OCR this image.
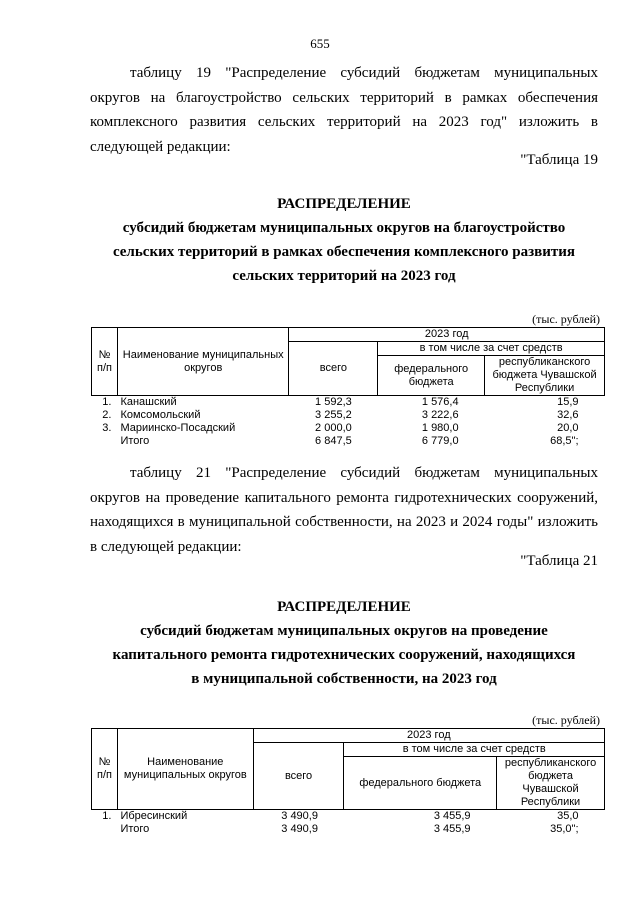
655

таблицу 19 "Распределение субсидий бюджетам муниципальных округов на благоустройство сельских территорий в рамках обеспечения комплексного развития сельских территорий на 2023 год" изложить в следующей редакции:

"Таблица 19
РАСПРЕДЕЛЕНИЕ
субсидий бюджетам муниципальных округов на благоустройство
сельских территорий в рамках обеспечения комплексного развития
сельских территорий на 2023 год
(тыс. рублей)
№ п/п	Наименование муниципальных округов	2023 год		
		всего	в том числе за счет средств	
			федерального бюджета	республиканского бюджета Чувашской Республики
1.	Канашский	1 592,3	1 576,4	15,9
2.	Комсомольский	3 255,2	3 222,6	32,6
3.	Мариинско-Посадский	2 000,0	1 980,0	20,0
	Итого	6 847,5	6 779,0	68,5";

таблицу 21 "Распределение субсидий бюджетам муниципальных округов на проведение капитального ремонта гидротехнических сооружений, находящихся в муниципальной собственности, на 2023 и 2024 годы" изложить в следующей редакции:

"Таблица 21
РАСПРЕДЕЛЕНИЕ
субсидий бюджетам муниципальных округов на проведение
капитального ремонта гидротехнических сооружений, находящихся
в муниципальной собственности, на 2023 год
(тыс. рублей)
№ п/п	Наименование муниципальных округов	2023 год		
		всего	в том числе за счет средств	
			федерального бюджета	республиканского бюджета Чувашской Республики
1.	Ибресинский	3 490,9	3 455,9	35,0
	Итого	3 490,9	3 455,9	35,0";
